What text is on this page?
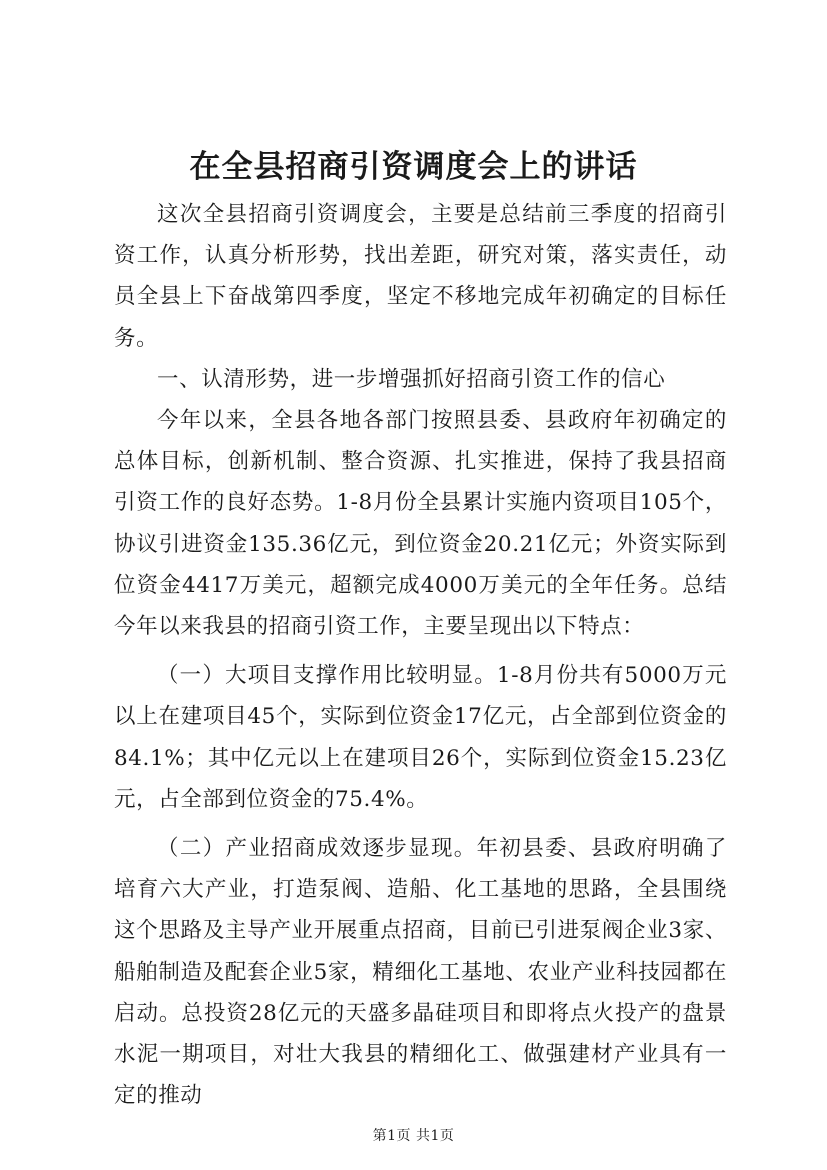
在全县招商引资调度会上的讲话

这次全县招商引资调度会，主要是总结前三季度的招商引资工作，认真分析形势，找出差距，研究对策，落实责任，动员全县上下奋战第四季度，坚定不移地完成年初确定的目标任务。

一、认清形势，进一步增强抓好招商引资工作的信心

今年以来，全县各地各部门按照县委、县政府年初确定的总体目标，创新机制、整合资源、扎实推进，保持了我县招商引资工作的良好态势。1-8月份全县累计实施内资项目105个，协议引进资金135.36亿元，到位资金20.21亿元；外资实际到位资金4417万美元，超额完成4000万美元的全年任务。总结今年以来我县的招商引资工作，主要呈现出以下特点：

（一）大项目支撑作用比较明显。1-8月份共有5000万元以上在建项目45个，实际到位资金17亿元，占全部到位资金的84.1%；其中亿元以上在建项目26个，实际到位资金15.23亿元，占全部到位资金的75.4%。

（二）产业招商成效逐步显现。年初县委、县政府明确了培育六大产业，打造泵阀、造船、化工基地的思路，全县围绕这个思路及主导产业开展重点招商，目前已引进泵阀企业3家、船舶制造及配套企业5家，精细化工基地、农业产业科技园都在启动。总投资28亿元的天盛多晶硅项目和即将点火投产的盘景水泥一期项目，对壮大我县的精细化工、做强建材产业具有一定的推动

第1页 共1页
